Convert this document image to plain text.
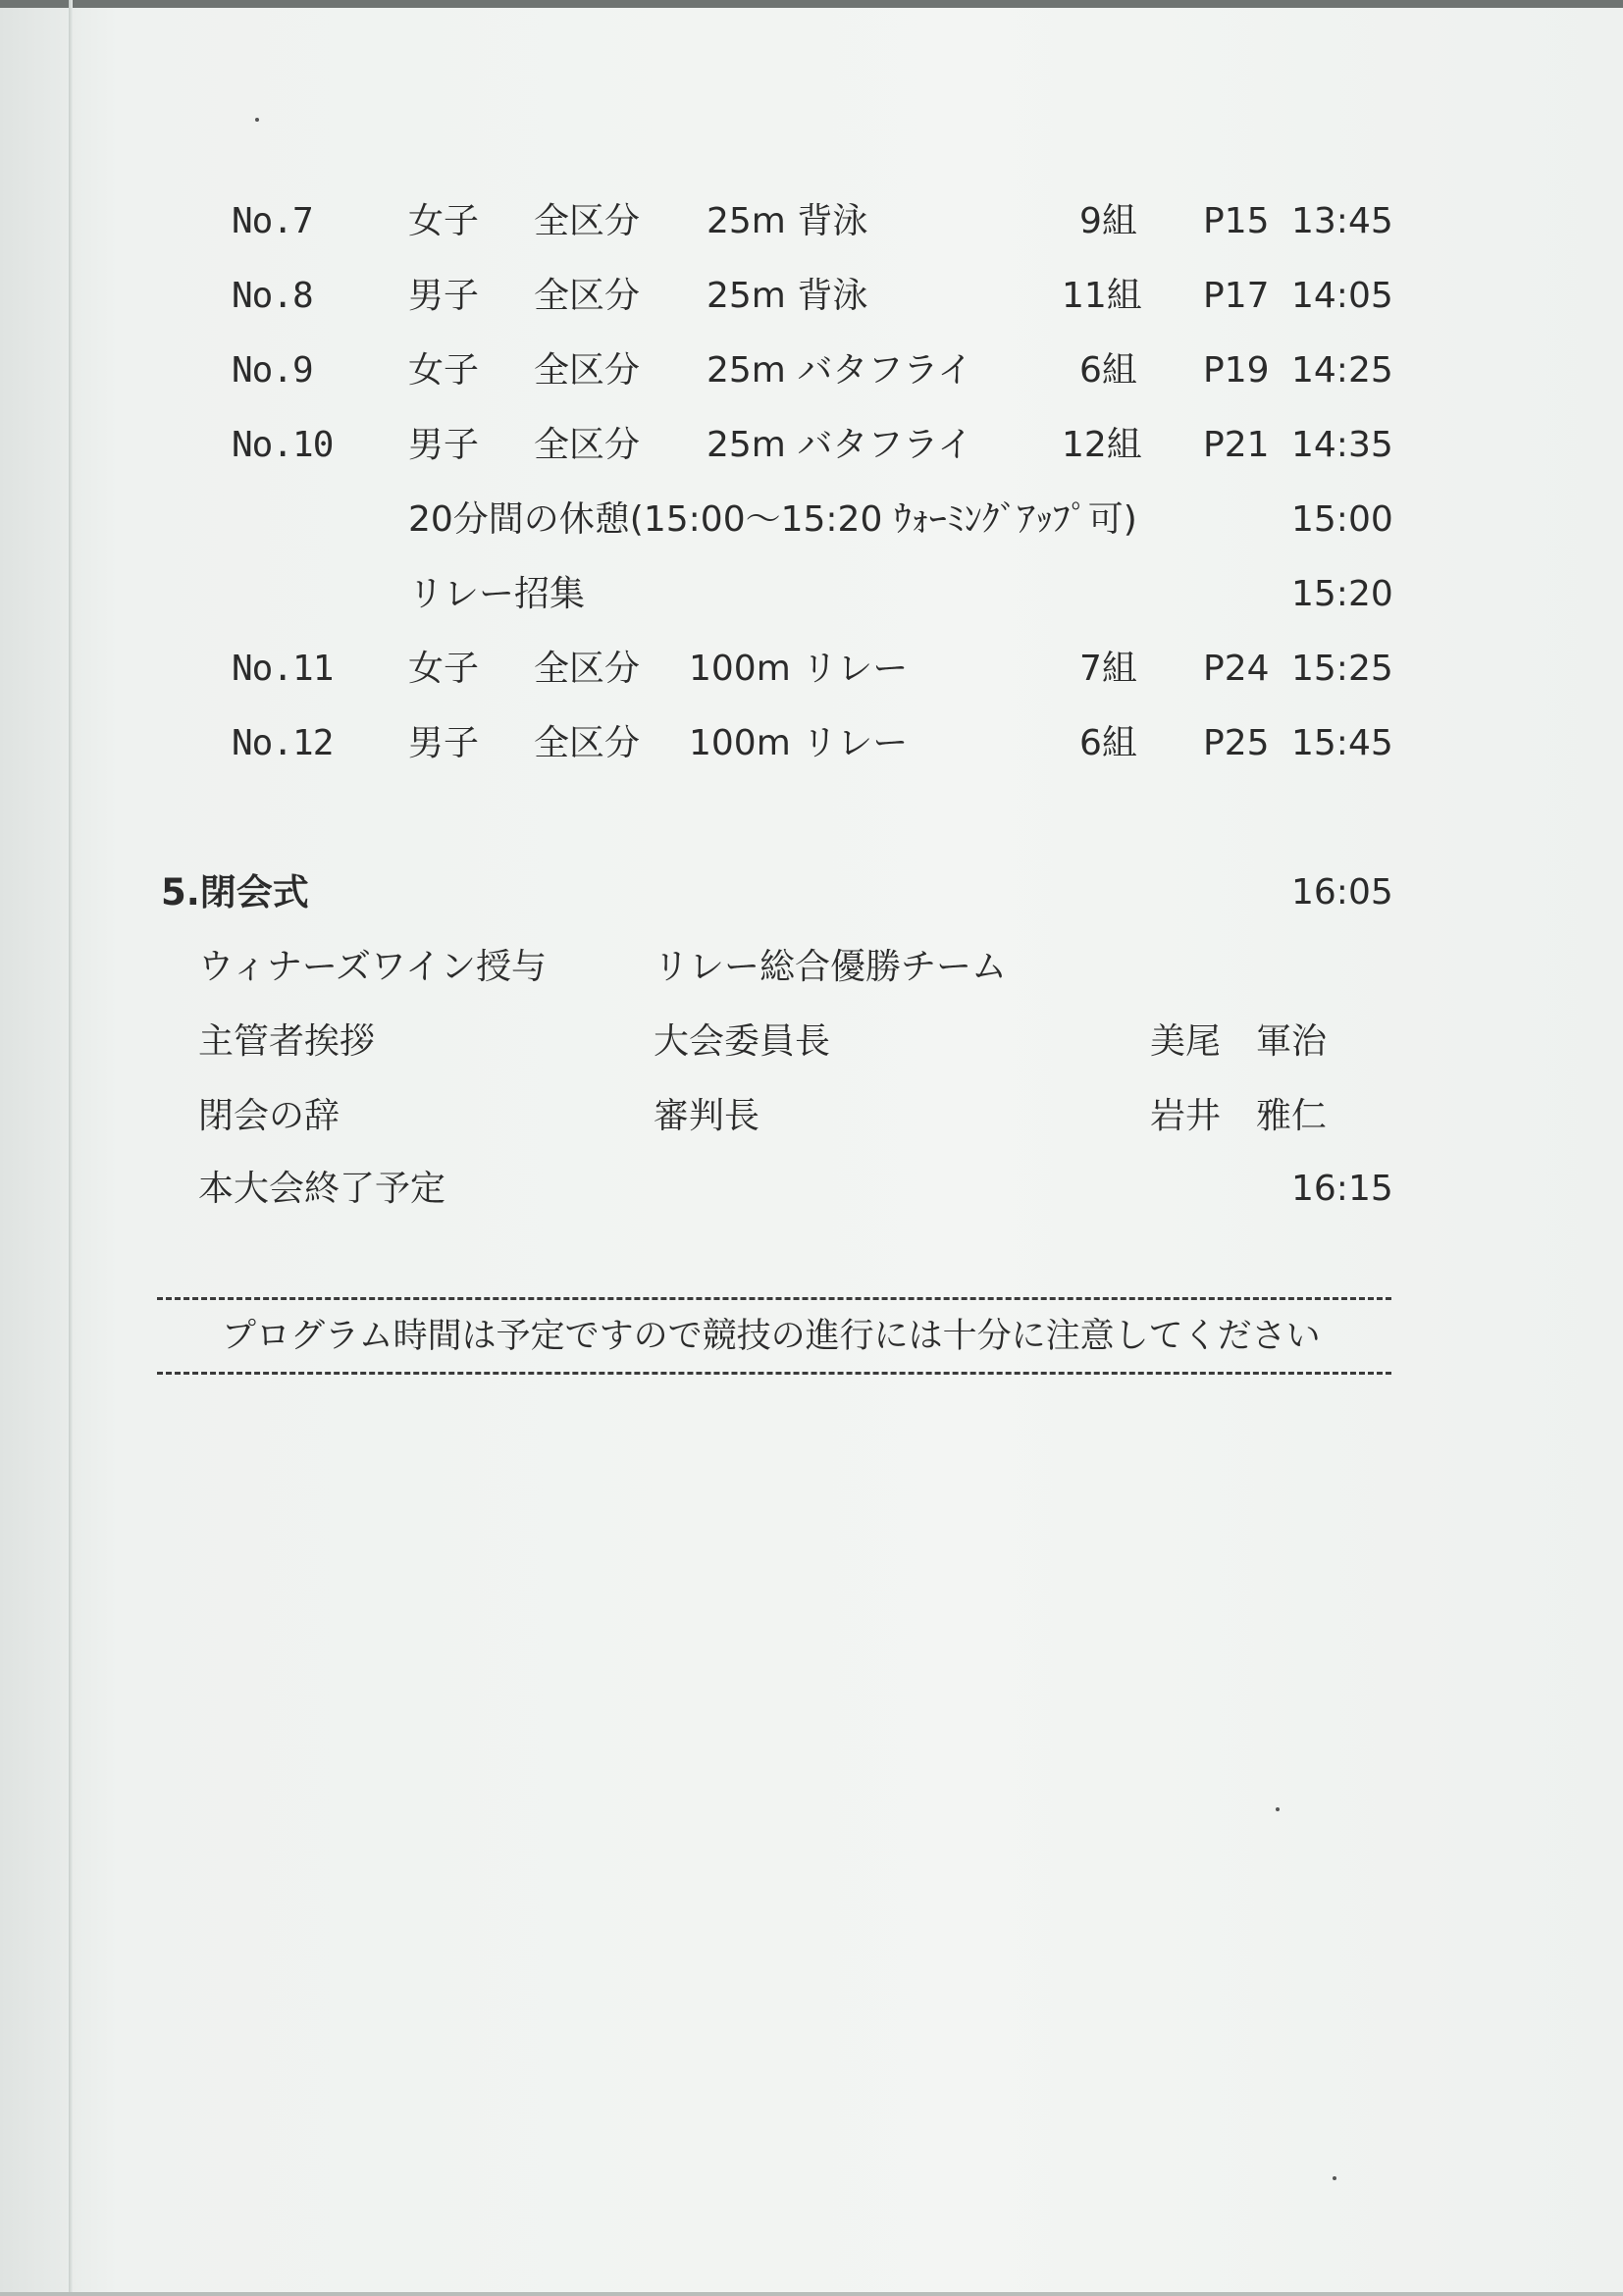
No.7	女子 全区分 25m 背泳	9組 P15 13:45
No.8	男子 全区分 25m 背泳	11組 P17 14:05
No.9	女子 全区分 25m バタフライ	6組 P19 14:25
No.10 男子 全区分 25m バタフライ	12組 P21 14:35
20分間の休憩(15:00～15:20 ｳｫｰﾐﾝｸﾞｱｯﾌﾟ可)	15:00
リレー招集	15:20
No.11 女子 全区分 100m リレー	7組 P24 15:25
No.12 男子 全区分 100m リレー	6組 P25 15:45
5.閉会式	16:05
ウィナーズワイン授与	リレー総合優勝チーム
主管者挨拶	大会委員長	美尾　軍治
閉会の辞	審判長	岩井　雅仁
本大会終了予定	16:15
プログラム時間は予定ですので競技の進行には十分に注意してください
